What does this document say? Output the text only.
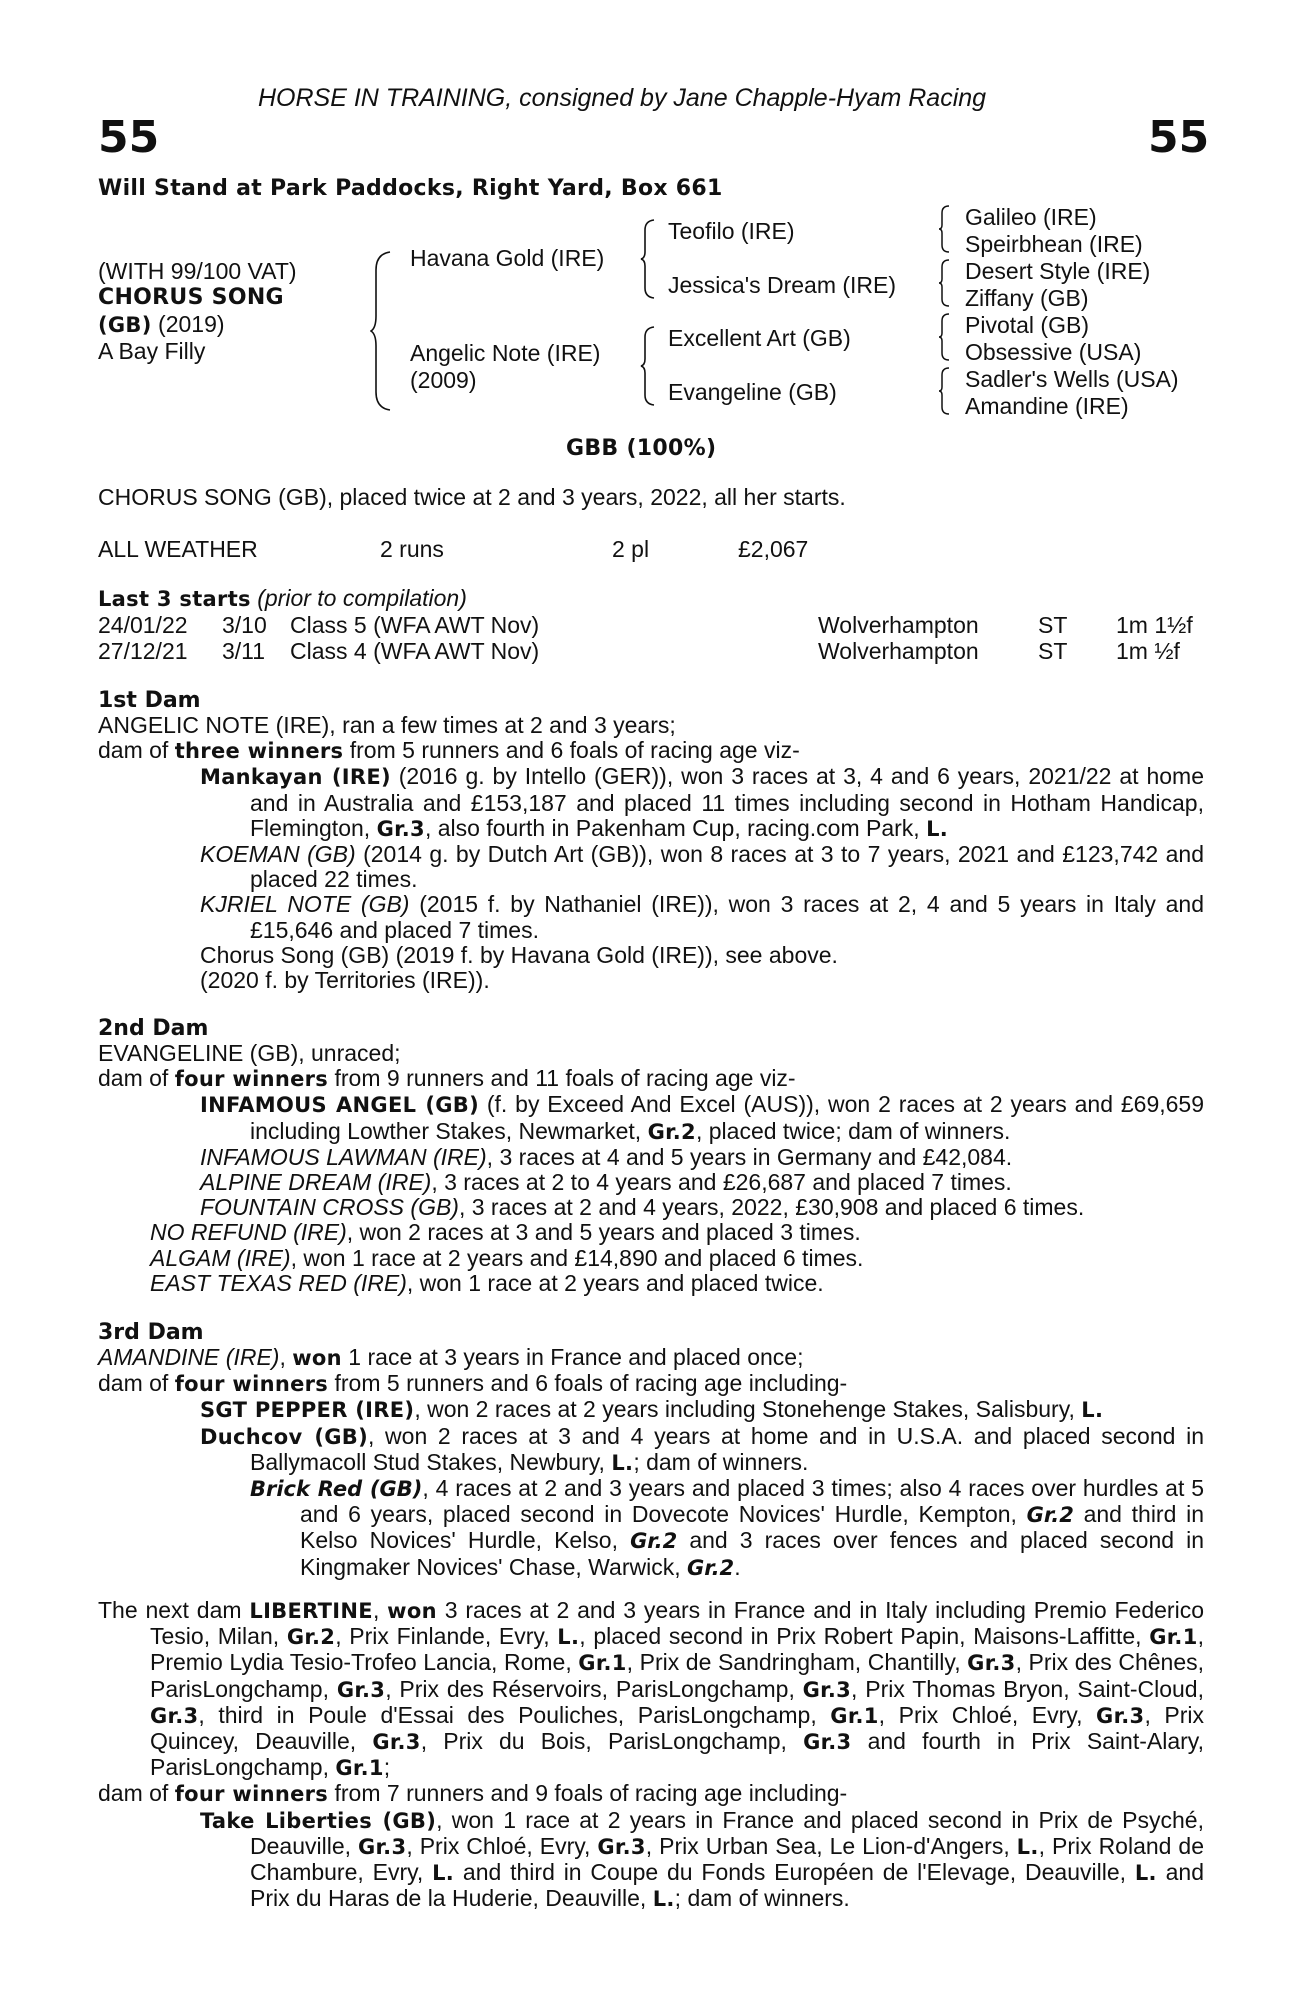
HORSE IN TRAINING, consigned by Jane Chapple-Hyam Racing
55	55
Will Stand at Park Paddocks, Right Yard, Box 661
(WITH 99/100 VAT)
CHORUS SONG
(GB) (2019)
A Bay Filly
Havana Gold (IRE)
Angelic Note (IRE)
(2009)
Teofilo (IRE)
Jessica's Dream (IRE)
Excellent Art (GB)
Evangeline (GB)
Galileo (IRE)
Speirbhean (IRE)
Desert Style (IRE)
Ziffany (GB)
Pivotal (GB)
Obsessive (USA)
Sadler's Wells (USA)
Amandine (IRE)
GBB (100%)
CHORUS SONG (GB), placed twice at 2 and 3 years, 2022, all her starts.
ALL WEATHER	2 runs	2 pl	£2,067
Last 3 starts (prior to compilation)
24/01/22 3/10 Class 5 (WFA AWT Nov)	Wolverhampton	ST 1m 1½f
27/12/21 3/11 Class 4 (WFA AWT Nov)	Wolverhampton	ST 1m ½f
1st Dam

ANGELIC NOTE (IRE), ran a few times at 2 and 3 years;

dam of three winners from 5 runners and 6 foals of racing age viz-

Mankayan (IRE) (2016 g. by Intello (GER)), won 3 races at 3, 4 and 6 years, 2021/22 at home and in Australia and £153,187 and placed 11 times including second in Hotham Handicap, Flemington, Gr.3, also fourth in Pakenham Cup, racing.com Park, L.

KOEMAN (GB) (2014 g. by Dutch Art (GB)), won 8 races at 3 to 7 years, 2021 and £123,742 and placed 22 times.

KJRIEL NOTE (GB) (2015 f. by Nathaniel (IRE)), won 3 races at 2, 4 and 5 years in Italy and £15,646 and placed 7 times.

Chorus Song (GB) (2019 f. by Havana Gold (IRE)), see above.

(2020 f. by Territories (IRE)).

2nd Dam

EVANGELINE (GB), unraced;

dam of four winners from 9 runners and 11 foals of racing age viz-

INFAMOUS ANGEL (GB) (f. by Exceed And Excel (AUS)), won 2 races at 2 years and £69,659 including Lowther Stakes, Newmarket, Gr.2, placed twice; dam of winners.

INFAMOUS LAWMAN (IRE), 3 races at 4 and 5 years in Germany and £42,084.

ALPINE DREAM (IRE), 3 races at 2 to 4 years and £26,687 and placed 7 times.

FOUNTAIN CROSS (GB), 3 races at 2 and 4 years, 2022, £30,908 and placed 6 times.

NO REFUND (IRE), won 2 races at 3 and 5 years and placed 3 times.

ALGAM (IRE), won 1 race at 2 years and £14,890 and placed 6 times.

EAST TEXAS RED (IRE), won 1 race at 2 years and placed twice.

3rd Dam

AMANDINE (IRE), won 1 race at 3 years in France and placed once;

dam of four winners from 5 runners and 6 foals of racing age including-

SGT PEPPER (IRE), won 2 races at 2 years including Stonehenge Stakes, Salisbury, L.

Duchcov (GB), won 2 races at 3 and 4 years at home and in U.S.A. and placed second in Ballymacoll Stud Stakes, Newbury, L.; dam of winners.

Brick Red (GB), 4 races at 2 and 3 years and placed 3 times; also 4 races over hurdles at 5 and 6 years, placed second in Dovecote Novices' Hurdle, Kempton, Gr.2 and third in Kelso Novices' Hurdle, Kelso, Gr.2 and 3 races over fences and placed second in Kingmaker Novices' Chase, Warwick, Gr.2.

The next dam LIBERTINE, won 3 races at 2 and 3 years in France and in Italy including Premio Federico Tesio, Milan, Gr.2, Prix Finlande, Evry, L., placed second in Prix Robert Papin, Maisons-Laffitte, Gr.1, Premio Lydia Tesio-Trofeo Lancia, Rome, Gr.1, Prix de Sandringham, Chantilly, Gr.3, Prix des Chênes, ParisLongchamp, Gr.3, Prix des Réservoirs, ParisLongchamp, Gr.3, Prix Thomas Bryon, Saint-Cloud, Gr.3, third in Poule d'Essai des Pouliches, ParisLongchamp, Gr.1, Prix Chloé, Evry, Gr.3, Prix Quincey, Deauville, Gr.3, Prix du Bois, ParisLongchamp, Gr.3 and fourth in Prix Saint-Alary, ParisLongchamp, Gr.1;

dam of four winners from 7 runners and 9 foals of racing age including-

Take Liberties (GB), won 1 race at 2 years in France and placed second in Prix de Psyché, Deauville, Gr.3, Prix Chloé, Evry, Gr.3, Prix Urban Sea, Le Lion-d'Angers, L., Prix Roland de Chambure, Evry, L. and third in Coupe du Fonds Européen de l'Elevage, Deauville, L. and Prix du Haras de la Huderie, Deauville, L.; dam of winners.
